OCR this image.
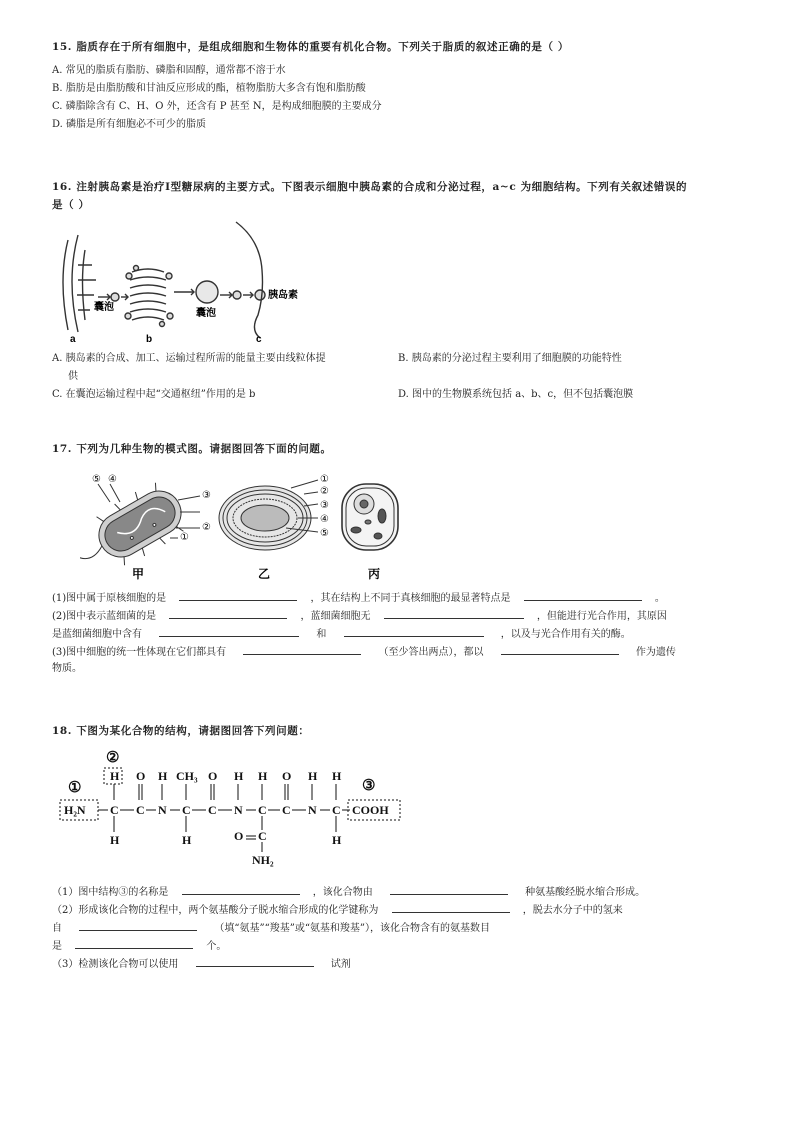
15. 脂质存在于所有细胞中，是组成细胞和生物体的重要有机化合物。下列关于脂质的叙述正确的是（ ）
A. 常见的脂质有脂肪、磷脂和固醇，通常都不溶于水
B. 脂肪是由脂肪酸和甘油反应形成的酯，植物脂肪大多含有饱和脂肪酸
C. 磷脂除含有 C、H、O 外，还含有 P 甚至 N，是构成细胞膜的主要成分
D. 磷脂是所有细胞必不可少的脂质
16. 注射胰岛素是治疗Ⅰ型糖尿病的主要方式。下图表示细胞中胰岛素的合成和分泌过程，a~c 为细胞结构。下列有关叙述错误的
是（ ）
囊泡
囊泡
胰岛素
a	b	c
A. 胰岛素的合成、加工、运输过程所需的能量主要由线粒体提
供
B. 胰岛素的分泌过程主要利用了细胞膜的功能特性
C. 在囊泡运输过程中起“交通枢纽”作用的是 b	D. 图中的生物膜系统包括 a、b、c，但不包括囊泡膜
17. 下列为几种生物的模式图。请据图回答下面的问题。
⑤ ④
③
②
①
①
②
③
④
⑤
甲	乙	丙
(1)图中属于原核细胞的是	，其在结构上不同于真核细胞的最显著特点是	。
(2)图中表示蓝细菌的是	，蓝细菌细胞无	，但能进行光合作用，其原因
是蓝细菌细胞中含有	和	，以及与光合作用有关的酶。
(3)图中细胞的统一性体现在它们都具有	（至少答出两点），都以	作为遗传
物质。
18. 下图为某化合物的结构，请据图回答下列问题：
①
②
③
H O H CH₃ O H H O H H
H₂N C C N C C N C C N C COOH
H	H	O C
NH₂
H
（1）图中结构③的名称是	，该化合物由	种氨基酸经脱水缩合形成。
（2）形成该化合物的过程中，两个氨基酸分子脱水缩合形成的化学键称为	，脱去水分子中的氢来
自	（填“氨基”“羧基”或“氨基和羧基”），该化合物含有的氨基数目
是	个。
（3）检测该化合物可以使用	试剂
